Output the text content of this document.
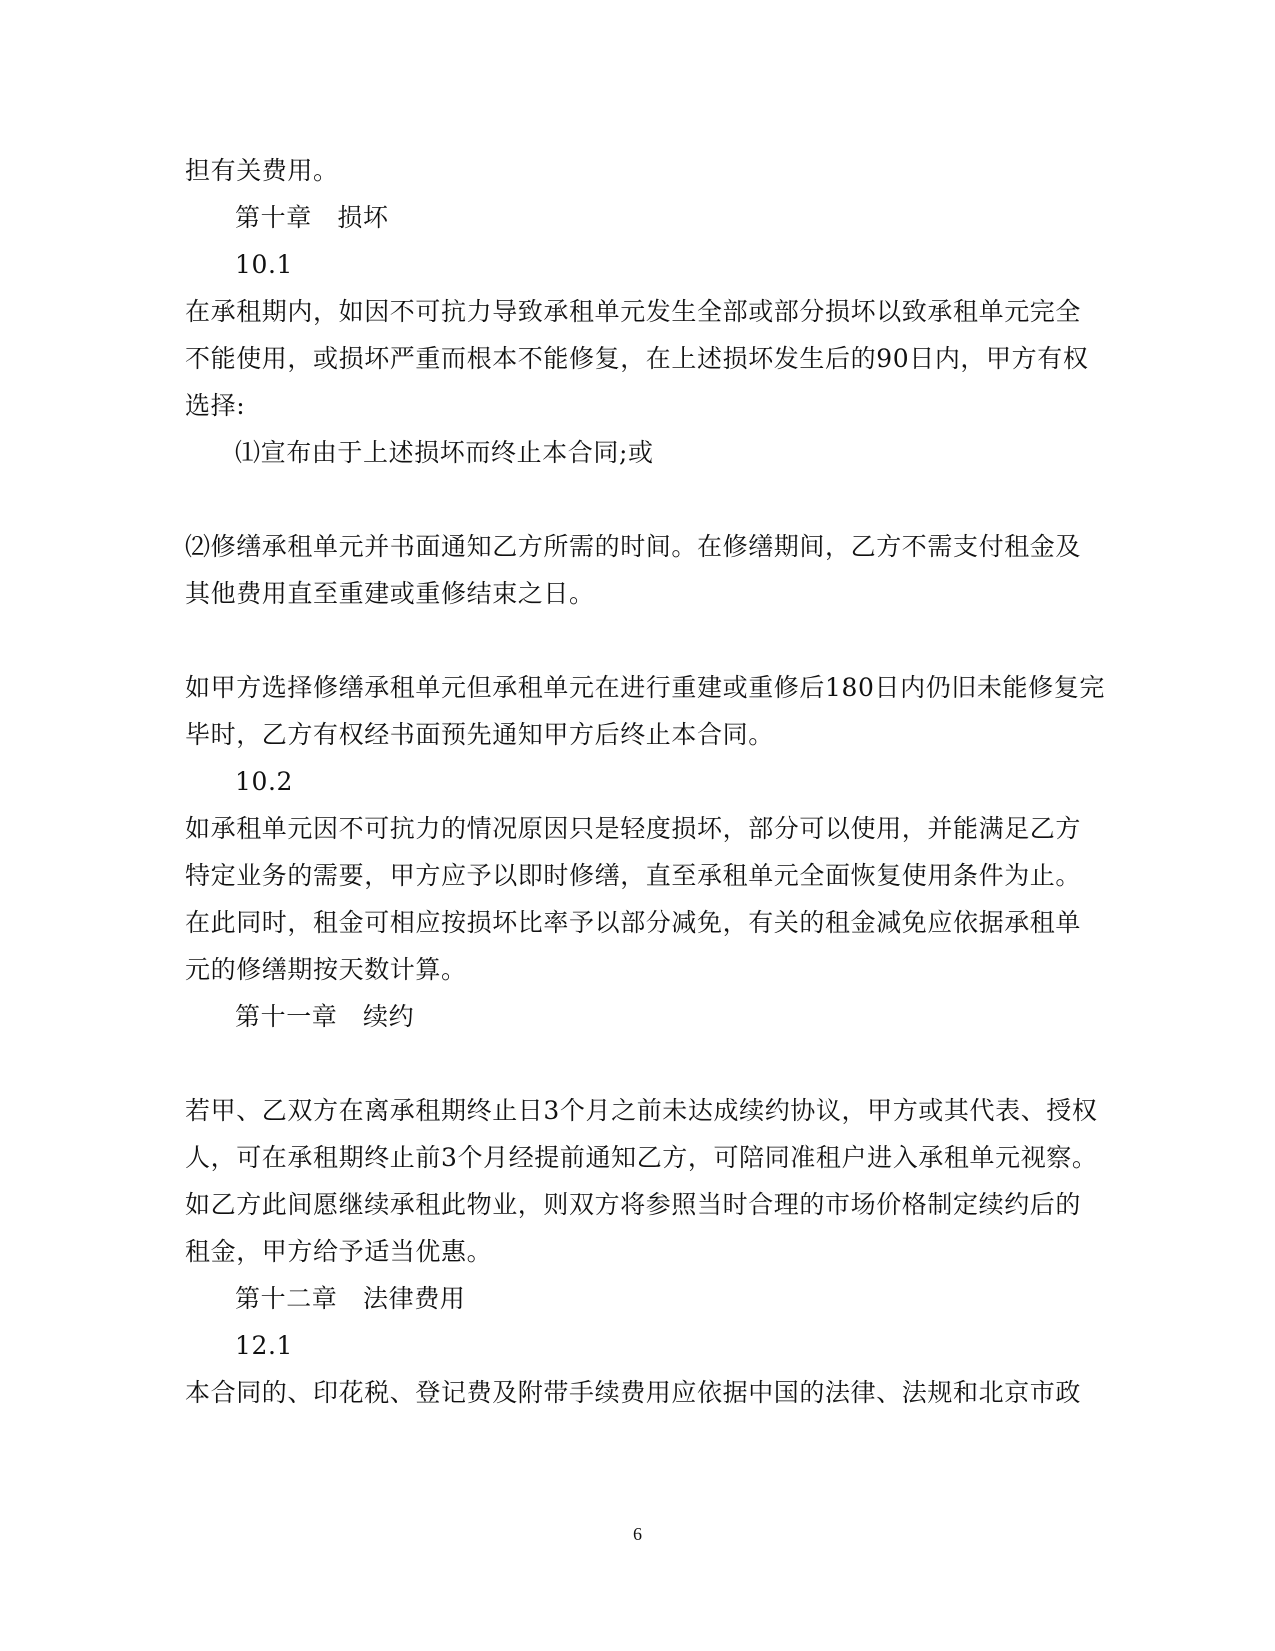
担有关费用。
第十章　损坏
10.1
在承租期内，如因不可抗力导致承租单元发生全部或部分损坏以致承租单元完全
不能使用，或损坏严重而根本不能修复，在上述损坏发生后的90日内，甲方有权
选择:
⑴宣布由于上述损坏而终止本合同;或
⑵修缮承租单元并书面通知乙方所需的时间。在修缮期间，乙方不需支付租金及
其他费用直至重建或重修结束之日。
如甲方选择修缮承租单元但承租单元在进行重建或重修后180日内仍旧未能修复完
毕时，乙方有权经书面预先通知甲方后终止本合同。
10.2
如承租单元因不可抗力的情况原因只是轻度损坏，部分可以使用，并能满足乙方
特定业务的需要，甲方应予以即时修缮，直至承租单元全面恢复使用条件为止。
在此同时，租金可相应按损坏比率予以部分减免，有关的租金减免应依据承租单
元的修缮期按天数计算。
第十一章　续约
若甲、乙双方在离承租期终止日3个月之前未达成续约协议，甲方或其代表、授权
人，可在承租期终止前3个月经提前通知乙方，可陪同准租户进入承租单元视察。
如乙方此间愿继续承租此物业，则双方将参照当时合理的市场价格制定续约后的
租金，甲方给予适当优惠。
第十二章　法律费用
12.1
本合同的、印花税、登记费及附带手续费用应依据中国的法律、法规和北京市政
6
